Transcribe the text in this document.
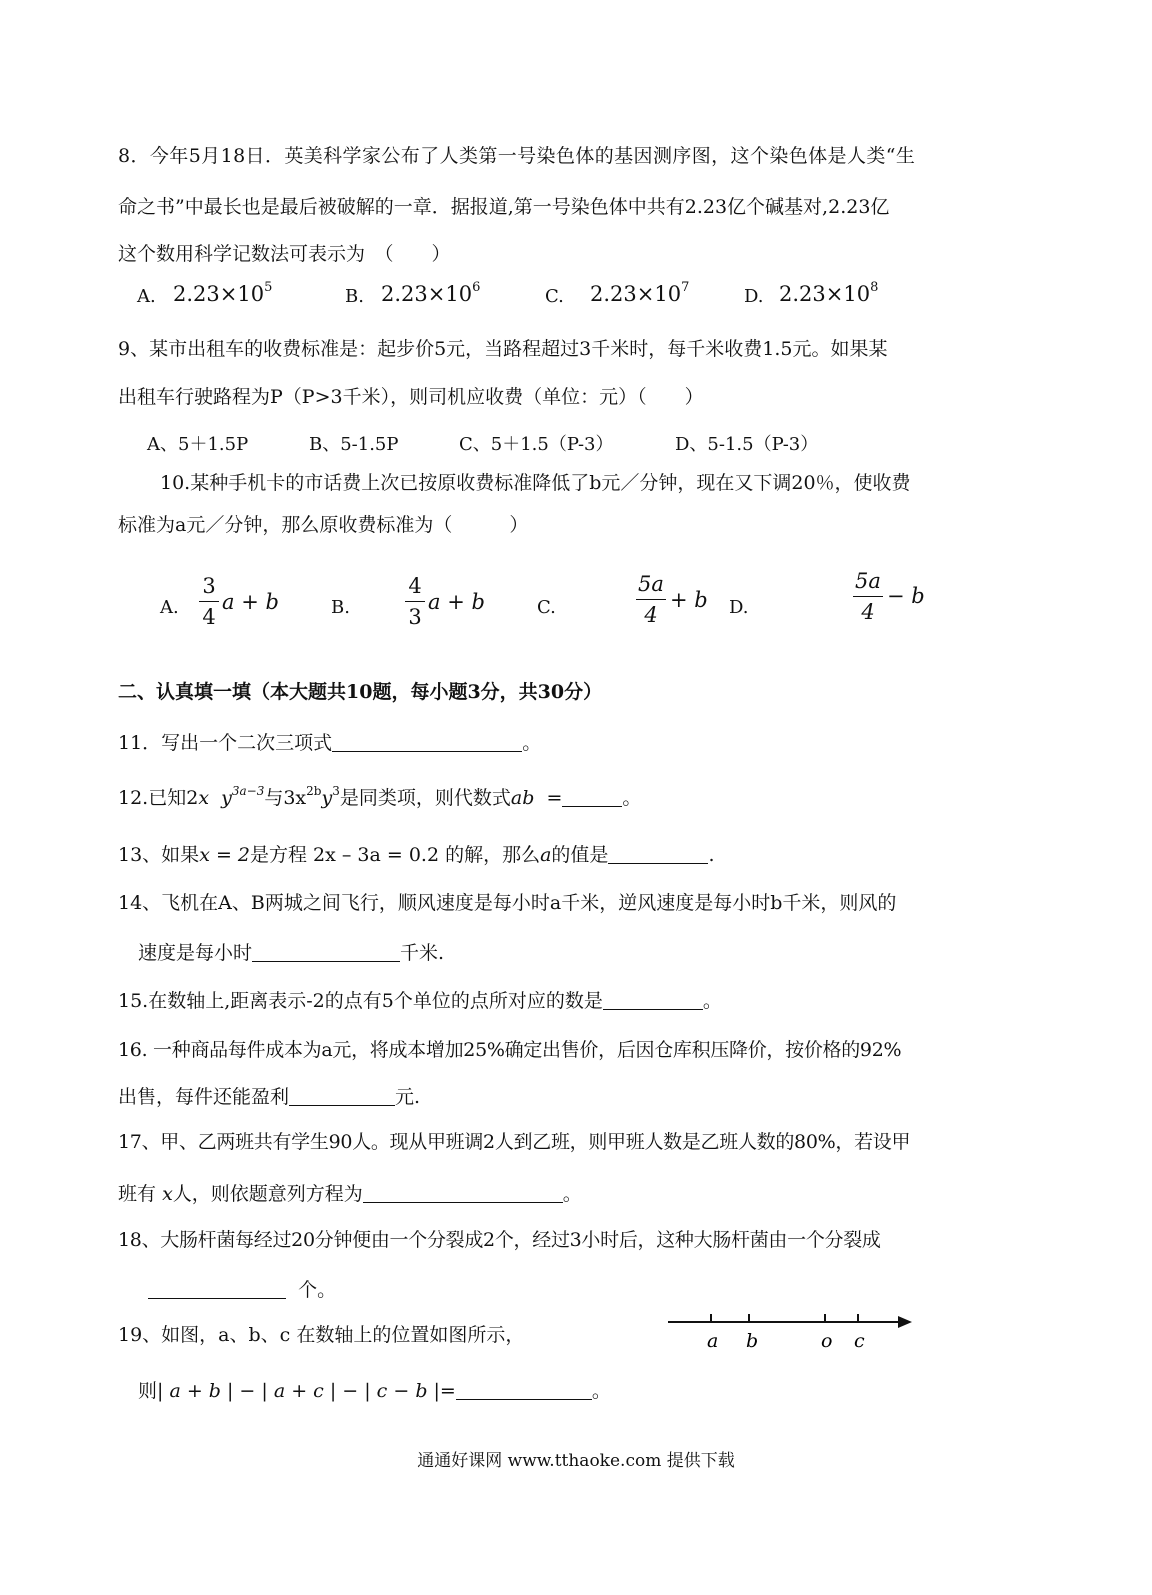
8．今年5月18日．英美科学家公布了人类第一号染色体的基因测序图，这个染色体是人类“生
命之书”中最长也是最后被破解的一章．据报道,第一号染色体中共有2.23亿个碱基对,2.23亿
这个数用科学记数法可表示为　（　　）
A. $2.23\times 10^5$	B. $2.23\times 10^6$	C. $2.23\times 10^7$	D. $2.23\times 10^8$
9、某市出租车的收费标准是：起步价5元，当路程超过3千米时，每千米收费1.5元。如果某
出租车行驶路程为P（P>3千米），则司机应收费（单位：元）（　　）
A、5＋1.5P	B、5-1.5P	C、5＋1.5（P-3）	D、5-1.5（P-3）
10.某种手机卡的市话费上次已按原收费标准降低了b元／分钟，现在又下调20％，使收费
标准为a元／分钟，那么原收费标准为（　　　）
A.
3
4
a + b	B.
4
3
a + b	C.
5a
4
+ b D.
5a
4
− b
二、认真填一填（本大题共10题，每小题3分，共30分）
11．写出一个二次三项式	。
12.已知2x $y^{3a-3}$与$3x^{2b}y^3$是同类项，则代数式ab =	。
13、如果x = 2是方程 2x – 3a = 0.2 的解，那么a的值是	.
14、飞机在A、B两城之间飞行，顺风速度是每小时a千米，逆风速度是每小时b千米，则风的
速度是每小时	千米.
15.在数轴上,距离表示-2的点有5个单位的点所对应的数是	。
16. 一种商品每件成本为a元，将成本增加25%确定出售价，后因仓库积压降价，按价格的92%
出售，每件还能盈利	元.
17、甲、乙两班共有学生90人。现从甲班调2人到乙班，则甲班人数是乙班人数的80%，若设甲
班有 x人，则依题意列方程为	。
18、大肠杆菌每经过20分钟便由一个分裂成2个，经过3小时后，这种大肠杆菌由一个分裂成
个。
19、如图，a、b、c 在数轴上的位置如图所示，	a b	o c
则| a + b | − | a + c | − | c − b |=	。
通通好课网 www.tthaoke.com 提供下载
